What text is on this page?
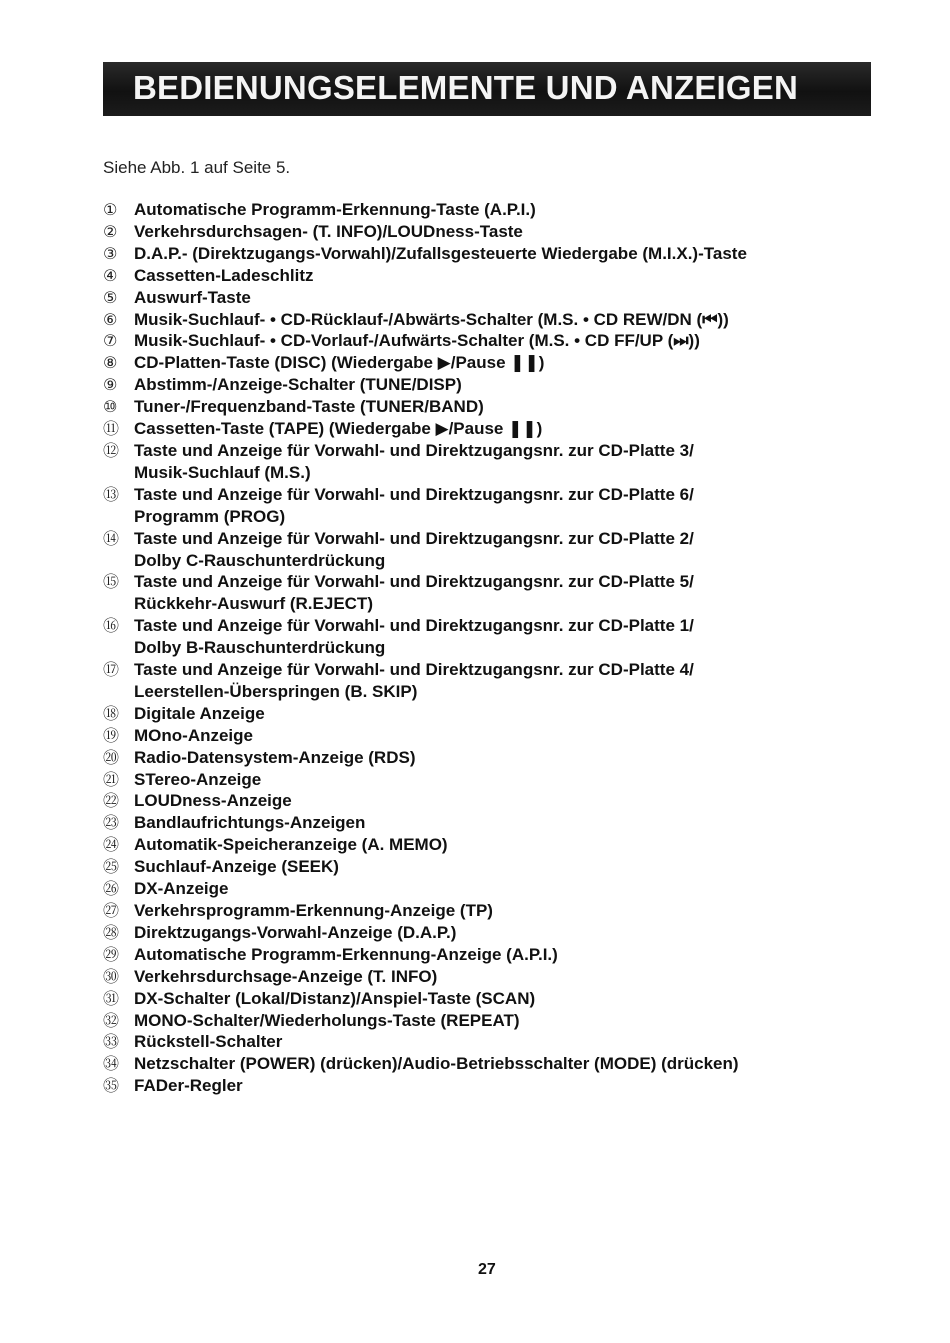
BEDIENUNGSELEMENTE UND ANZEIGEN
Siehe Abb. 1 auf Seite 5.
① Automatische Programm-Erkennung-Taste (A.P.I.)
② Verkehrsdurchsagen- (T. INFO)/LOUDness-Taste
③ D.A.P.- (Direktzugangs-Vorwahl)/Zufallsgesteuerte Wiedergabe (M.I.X.)-Taste
④ Cassetten-Ladeschlitz
⑤ Auswurf-Taste
⑥ Musik-Suchlauf- • CD-Rücklauf-/Abwärts-Schalter (M.S. • CD REW/DN (⏮))
⑦ Musik-Suchlauf- • CD-Vorlauf-/Aufwärts-Schalter (M.S. • CD FF/UP (⏭))
⑧ CD-Platten-Taste (DISC) (Wiedergabe ▶/Pause ❚❚)
⑨ Abstimm-/Anzeige-Schalter (TUNE/DISP)
⑩ Tuner-/Frequenzband-Taste (TUNER/BAND)
⑪ Cassetten-Taste (TAPE) (Wiedergabe ▶/Pause ❚❚)
⑫ Taste und Anzeige für Vorwahl- und Direktzugangsnr. zur CD-Platte 3/
Musik-Suchlauf (M.S.)
⑬ Taste und Anzeige für Vorwahl- und Direktzugangsnr. zur CD-Platte 6/
Programm (PROG)
⑭ Taste und Anzeige für Vorwahl- und Direktzugangsnr. zur CD-Platte 2/
Dolby C-Rauschunterdrückung
⑮ Taste und Anzeige für Vorwahl- und Direktzugangsnr. zur CD-Platte 5/
Rückkehr-Auswurf (R.EJECT)
⑯ Taste und Anzeige für Vorwahl- und Direktzugangsnr. zur CD-Platte 1/
Dolby B-Rauschunterdrückung
⑰ Taste und Anzeige für Vorwahl- und Direktzugangsnr. zur CD-Platte 4/
Leerstellen-Überspringen (B. SKIP)
⑱ Digitale Anzeige
⑲ MOno-Anzeige
⑳ Radio-Datensystem-Anzeige (RDS)
㉑ STereo-Anzeige
㉒ LOUDness-Anzeige
㉓ Bandlaufrichtungs-Anzeigen
㉔ Automatik-Speicheranzeige (A. MEMO)
㉕ Suchlauf-Anzeige (SEEK)
㉖ DX-Anzeige
㉗ Verkehrsprogramm-Erkennung-Anzeige (TP)
㉘ Direktzugangs-Vorwahl-Anzeige (D.A.P.)
㉙ Automatische Programm-Erkennung-Anzeige (A.P.I.)
㉚ Verkehrsdurchsage-Anzeige (T. INFO)
㉛ DX-Schalter (Lokal/Distanz)/Anspiel-Taste (SCAN)
㉜ MONO-Schalter/Wiederholungs-Taste (REPEAT)
㉝ Rückstell-Schalter
㉞ Netzschalter (POWER) (drücken)/Audio-Betriebsschalter (MODE) (drücken)
㉟ FADer-Regler
27
